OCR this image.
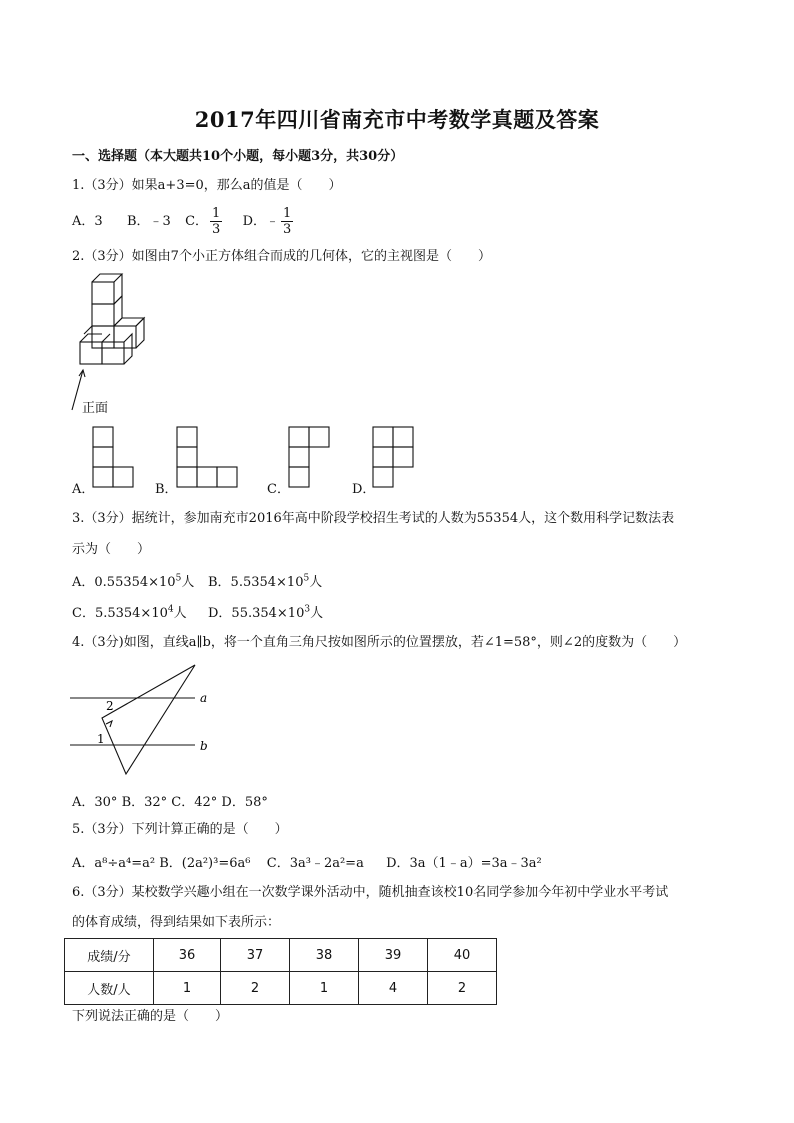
2017年四川省南充市中考数学真题及答案
一、选择题（本大题共10个小题，每小题3分，共30分）
1.（3分）如果a+3=0，那么a的值是（　　）
A．3 B．﹣3 C． $\frac{1}{3}$ D．﹣ $\frac{1}{3}$
2.（3分）如图由7个小正方体组合而成的几何体，它的主视图是（　　）
正面
A．	B．	C．	D．
3.（3分）据统计，参加南充市2016年高中阶段学校招生考试的人数为55354人，这个数用科学记数法表
示为（　　）
A．$0.55354\times 10^5$人 B．$5.5354\times 10^5$人
C．$5.5354\times 10^4$人 D．$55.354\times 10^3$人
4.（3分)如图，直线a∥b，将一个直角三角尺按如图所示的位置摆放，若∠1=58°，则∠2的度数为（　　）
a
b
2
1
A．30° B．32° C．42° D．58°
5.（3分）下列计算正确的是（　　）
A．a⁸÷a⁴=a² B．(2a²)³=6a⁶ C．3a³﹣2a²=a D．3a（1﹣a）=3a﹣3a²
6.（3分）某校数学兴趣小组在一次数学课外活动中，随机抽查该校10名同学参加今年初中学业水平考试
的体育成绩，得到结果如下表所示：
成绩/分	36	37	38	39	40
人数/人	1	2	1	4	2
下列说法正确的是（　　）
